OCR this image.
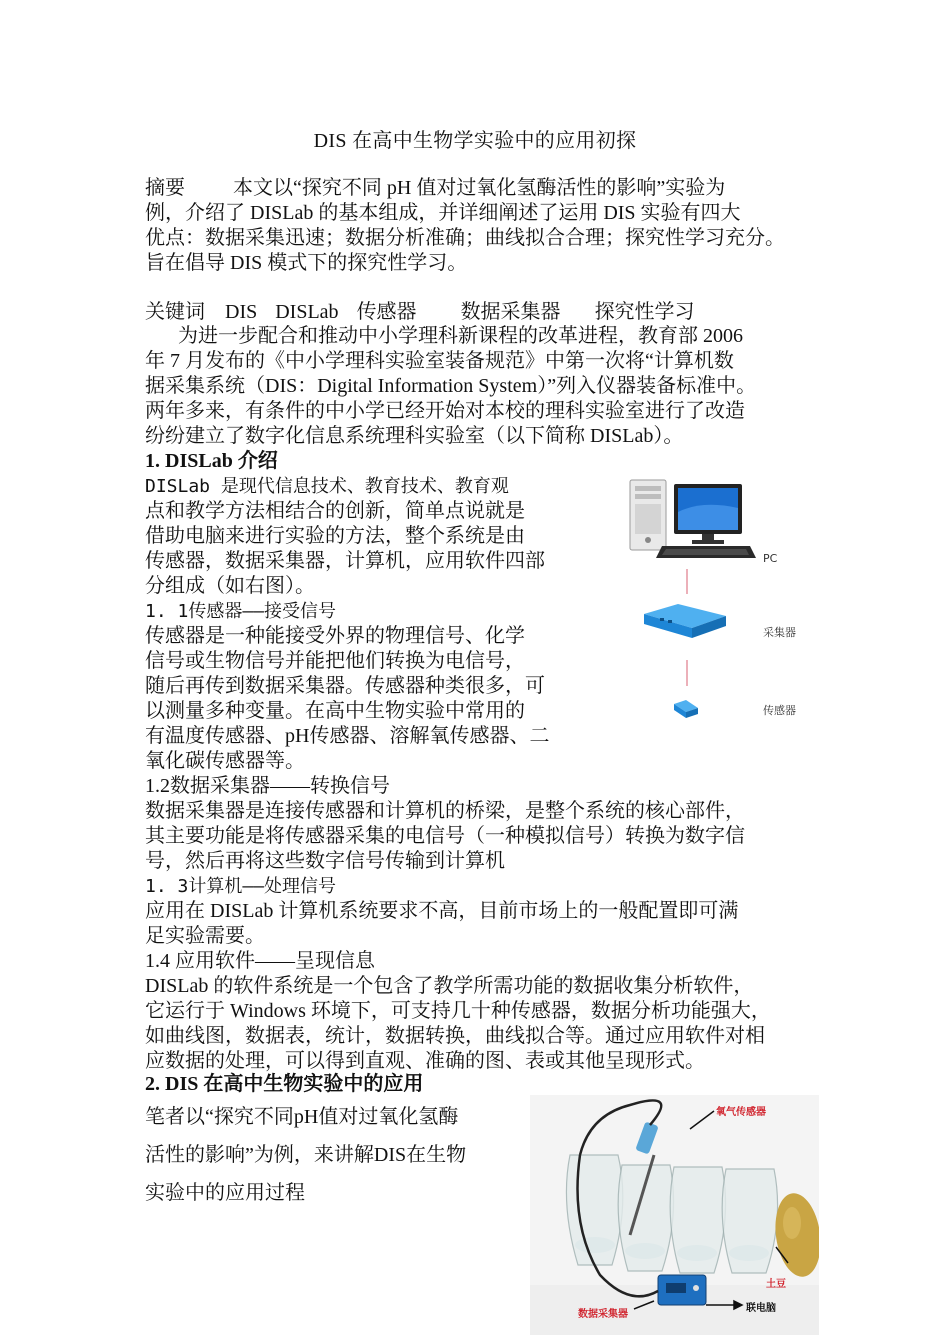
DIS 在高中生物学实验中的应用初探
摘要 本文以“探究不同 pH 值对过氧化氢酶活性的影响”实验为
例，介绍了 DISLab 的基本组成，并详细阐述了运用 DIS 实验有四大
优点：数据采集迅速；数据分析准确；曲线拟合合理；探究性学习充分。
旨在倡导 DIS 模式下的探究性学习。
关键词 DIS DISLab 传感器 数据采集器 探究性学习
为进一步配合和推动中小学理科新课程的改革进程，教育部 2006
年 7 月发布的《中小学理科实验室装备规范》中第一次将“计算机数
据采集系统（DIS：Digital Information System）”列入仪器装备标准中。
两年多来，有条件的中小学已经开始对本校的理科实验室进行了改造
纷纷建立了数字化信息系统理科实验室（以下简称 DISLab）。
1. DISLab 介绍
DISLab 是现代信息技术、教育技术、教育观
点和教学方法相结合的创新，简单点说就是
借助电脑来进行实验的方法，整个系统是由
传感器，数据采集器，计算机，应用软件四部
分组成（如右图）。
1. 1传感器——接受信号
传感器是一种能接受外界的物理信号、化学
信号或生物信号并能把他们转换为电信号，
随后再传到数据采集器。传感器种类很多，可
以测量多种变量。在高中生物实验中常用的
有温度传感器、pH传感器、溶解氧传感器、二
氧化碳传感器等。
1.2数据采集器——转换信号
数据采集器是连接传感器和计算机的桥梁，是整个系统的核心部件，
其主要功能是将传感器采集的电信号（一种模拟信号）转换为数字信
号，然后再将这些数字信号传输到计算机
1. 3计算机——处理信号
应用在 DISLab 计算机系统要求不高，目前市场上的一般配置即可满
足实验需要。
1.4 应用软件——呈现信息
DISLab 的软件系统是一个包含了教学所需功能的数据收集分析软件，
它运行于 Windows 环境下，可支持几十种传感器，数据分析功能强大，
如曲线图，数据表，统计，数据转换，曲线拟合等。通过应用软件对相
应数据的处理，可以得到直观、准确的图、表或其他呈现形式。
2. DIS 在高中生物实验中的应用
笔者以“探究不同pH值对过氧化氢酶
活性的影响”为例，来讲解DIS在生物
实验中的应用过程
PC
采集器
传感器
氧气传感器
土豆
数据采集器
联电脑
